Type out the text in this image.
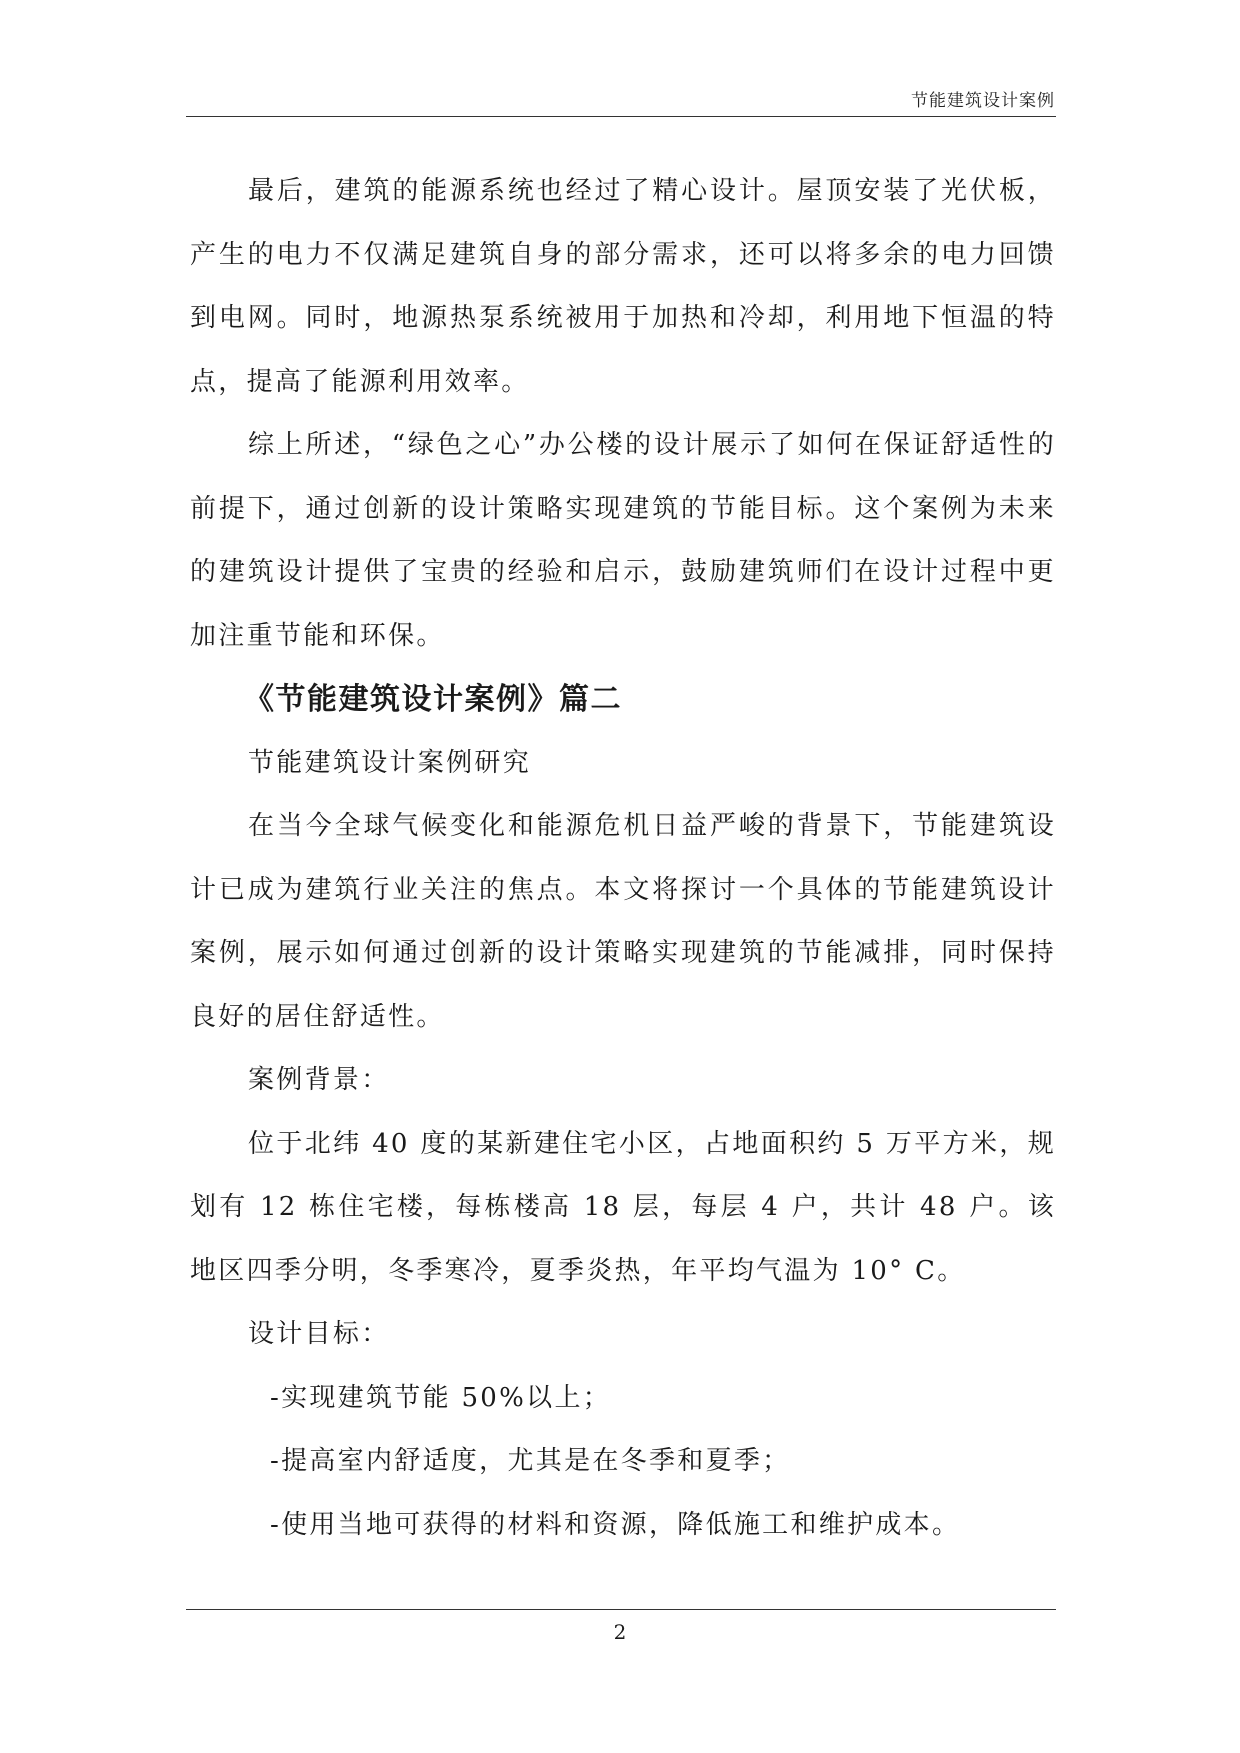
节能建筑设计案例

最后，建筑的能源系统也经过了精心设计。屋顶安装了光伏板，产生的电力不仅满足建筑自身的部分需求，还可以将多余的电力回馈到电网。同时，地源热泵系统被用于加热和冷却，利用地下恒温的特点，提高了能源利用效率。

综上所述，“绿色之心”办公楼的设计展示了如何在保证舒适性的前提下，通过创新的设计策略实现建筑的节能目标。这个案例为未来的建筑设计提供了宝贵的经验和启示，鼓励建筑师们在设计过程中更加注重节能和环保。

《节能建筑设计案例》篇二

节能建筑设计案例研究

在当今全球气候变化和能源危机日益严峻的背景下，节能建筑设计已成为建筑行业关注的焦点。本文将探讨一个具体的节能建筑设计案例，展示如何通过创新的设计策略实现建筑的节能减排，同时保持良好的居住舒适性。

案例背景：

位于北纬 40 度的某新建住宅小区，占地面积约 5 万平方米，规划有 12 栋住宅楼，每栋楼高 18 层，每层 4 户，共计 48 户。该地区四季分明，冬季寒冷，夏季炎热，年平均气温为 10° C。

设计目标：

-实现建筑节能 50%以上；

-提高室内舒适度，尤其是在冬季和夏季；

-使用当地可获得的材料和资源，降低施工和维护成本。

2
